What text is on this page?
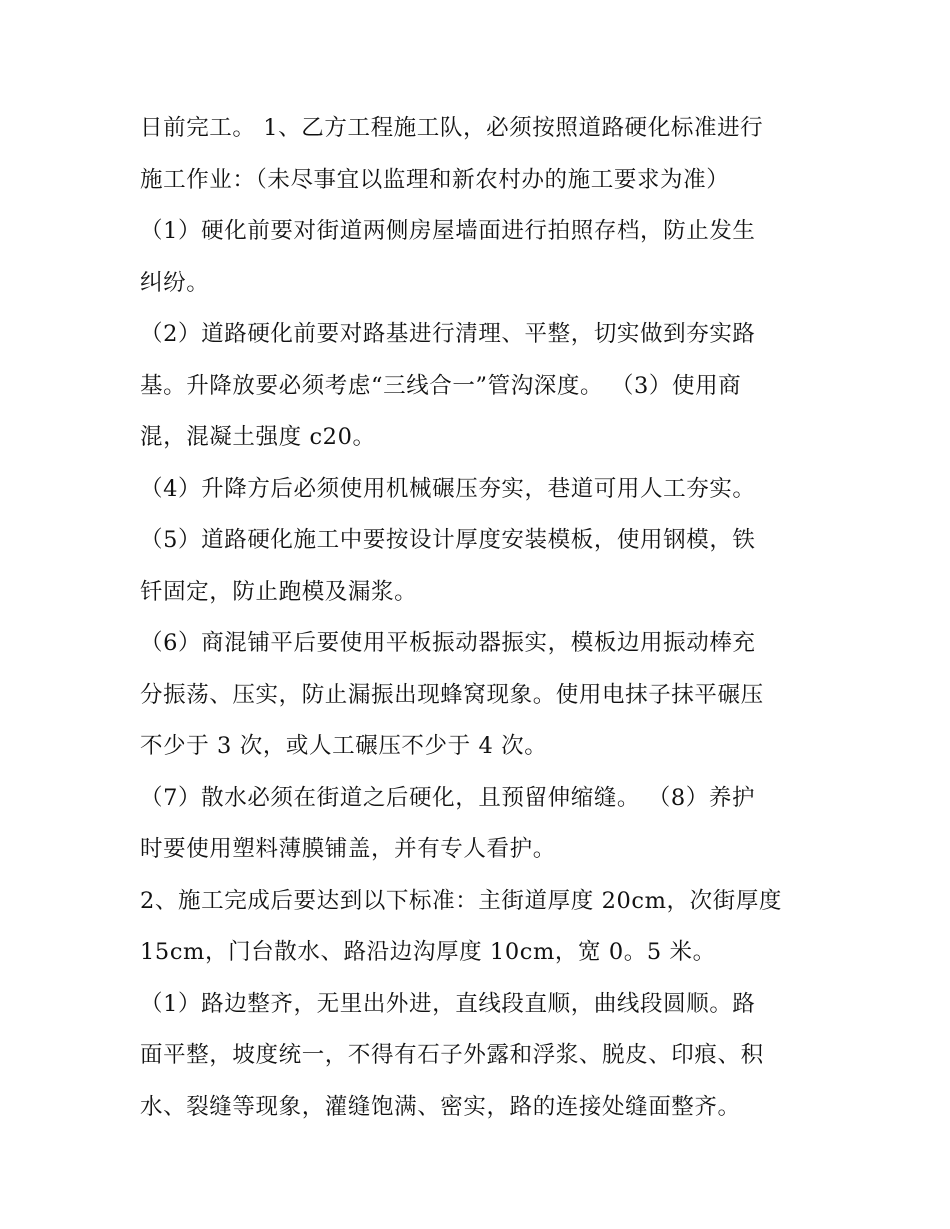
日前完工。 1、乙方工程施工队，必须按照道路硬化标准进行
施工作业：（未尽事宜以监理和新农村办的施工要求为准）
（1）硬化前要对街道两侧房屋墙面进行拍照存档，防止发生
纠纷。
（2）道路硬化前要对路基进行清理、平整，切实做到夯实路
基。升降放要必须考虑“三线合一”管沟深度。 （3）使用商
混，混凝土强度 c20。
（4）升降方后必须使用机械碾压夯实，巷道可用人工夯实。
（5）道路硬化施工中要按设计厚度安装模板，使用钢模，铁
钎固定，防止跑模及漏浆。
（6）商混铺平后要使用平板振动器振实，模板边用振动棒充
分振荡、压实，防止漏振出现蜂窝现象。使用电抹子抹平碾压
不少于 3 次，或人工碾压不少于 4 次。
（7）散水必须在街道之后硬化，且预留伸缩缝。 （8）养护
时要使用塑料薄膜铺盖，并有专人看护。
2、施工完成后要达到以下标准：主街道厚度 20cm，次街厚度
15cm，门台散水、路沿边沟厚度 10cm，宽 0。5 米。
（1）路边整齐，无里出外进，直线段直顺，曲线段圆顺。路
面平整，坡度统一，不得有石子外露和浮浆、脱皮、印痕、积
水、裂缝等现象，灌缝饱满、密实，路的连接处缝面整齐。
